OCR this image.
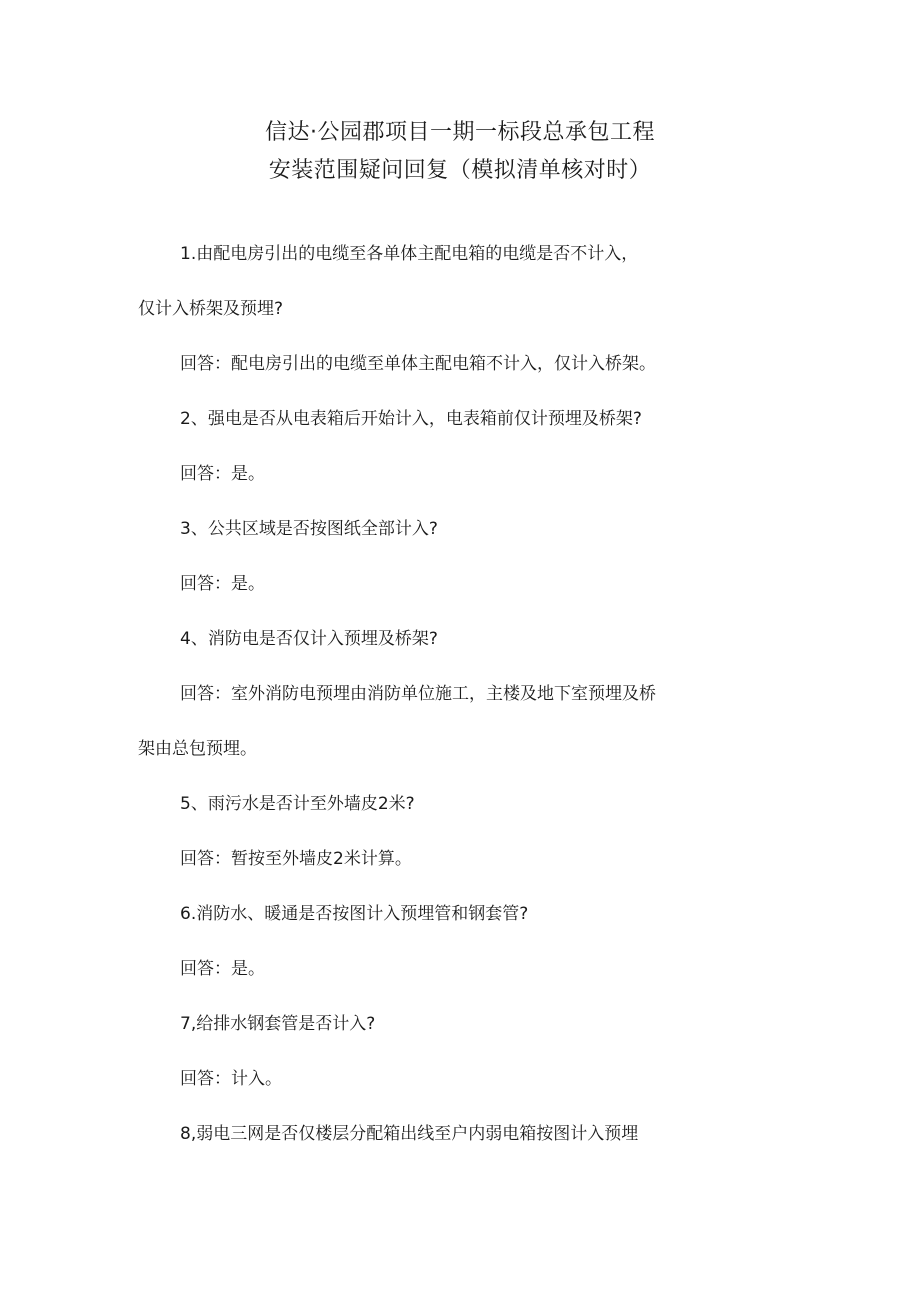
信达·公园郡项目一期一标段总承包工程
安装范围疑问回复（模拟清单核对时）
1.由配电房引出的电缆至各单体主配电箱的电缆是否不计入，
仅计入桥架及预埋?
回答：配电房引出的电缆至单体主配电箱不计入，仅计入桥架。
2、强电是否从电表箱后开始计入，电表箱前仅计预埋及桥架?
回答：是。
3、公共区域是否按图纸全部计入?
回答：是。
4、消防电是否仅计入预埋及桥架?
回答：室外消防电预埋由消防单位施工，主楼及地下室预埋及桥
架由总包预埋。
5、雨污水是否计至外墙皮2米?
回答：暂按至外墙皮2米计算。
6.消防水、暖通是否按图计入预埋管和钢套管?
回答：是。
7,给排水钢套管是否计入?
回答：计入。
8,弱电三网是否仅楼层分配箱出线至户内弱电箱按图计入预埋
